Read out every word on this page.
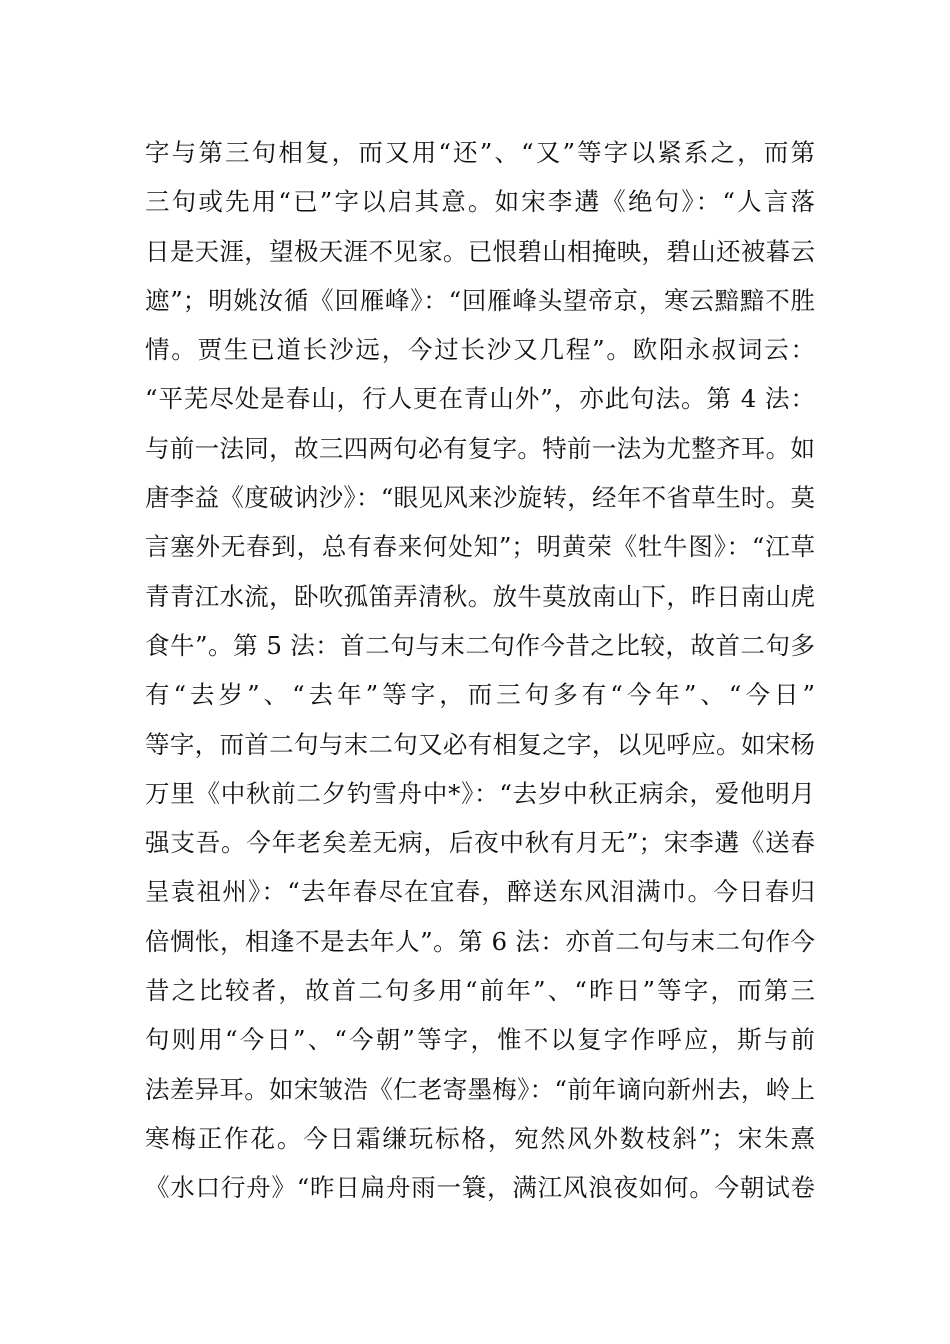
字与第三句相复，而又用“还”、“又”等字以紧系之，而第
三句或先用“已”字以启其意。如宋李遘《绝句》：“人言落
日是天涯，望极天涯不见家。已恨碧山相掩映，碧山还被暮云
遮”；明姚汝循《回雁峰》：“回雁峰头望帝京，寒云黯黯不胜
情。贾生已道长沙远，今过长沙又几程”。欧阳永叔词云：
“平芜尽处是春山，行人更在青山外”，亦此句法。第 4 法：
与前一法同，故三四两句必有复字。特前一法为尤整齐耳。如
唐李益《度破讷沙》：“眼见风来沙旋转，经年不省草生时。莫
言塞外无春到，总有春来何处知”；明黄荣《牡牛图》：“江草
青青江水流，卧吹孤笛弄清秋。放牛莫放南山下，昨日南山虎
食牛”。第 5 法：首二句与末二句作今昔之比较，故首二句多
有“去岁”、“去年”等字，而三句多有“今年”、“今日”
等字，而首二句与末二句又必有相复之字，以见呼应。如宋杨
万里《中秋前二夕钓雪舟中*》：“去岁中秋正病余，爱他明月
强支吾。今年老矣差无病，后夜中秋有月无”；宋李遘《送春
呈袁祖州》：“去年春尽在宜春，醉送东风泪满巾。今日春归
倍惆怅，相逢不是去年人”。第 6 法：亦首二句与末二句作今
昔之比较者，故首二句多用“前年”、“昨日”等字，而第三
句则用“今日”、“今朝”等字，惟不以复字作呼应，斯与前
法差异耳。如宋皱浩《仁老寄墨梅》：“前年谪向新州去，岭上
寒梅正作花。今日霜缣玩标格，宛然风外数枝斜”；宋朱熹
《水口行舟》“昨日扁舟雨一簑，满江风浪夜如何。今朝试卷
